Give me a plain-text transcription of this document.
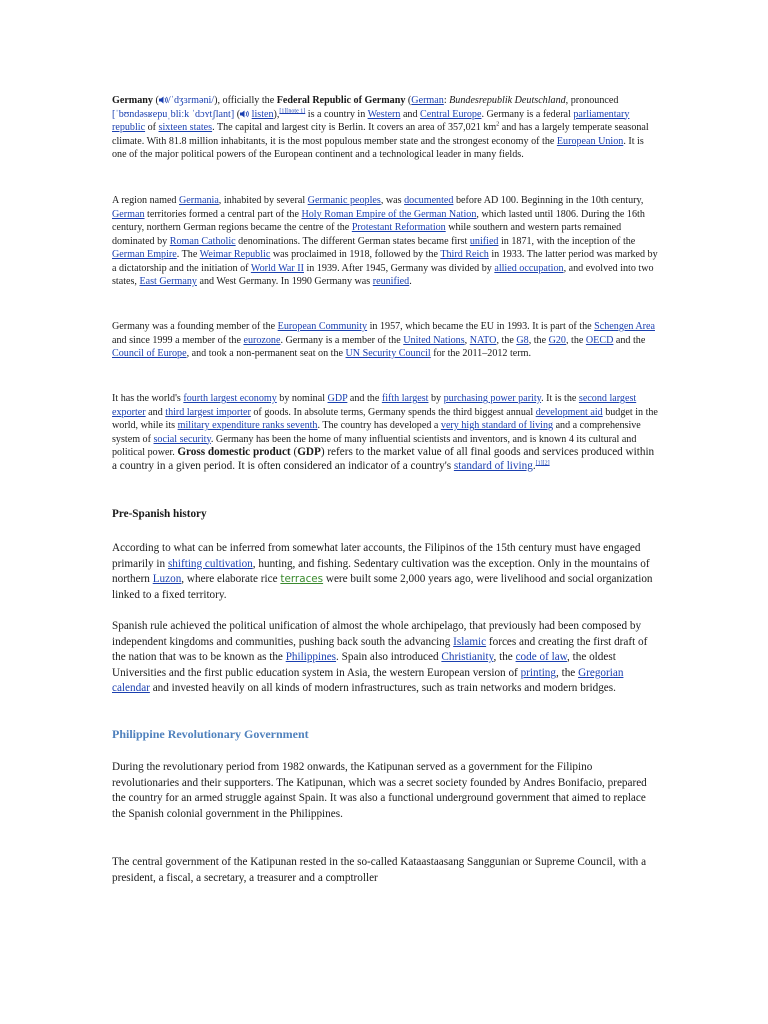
Germany ( /ˈdʒɜrməni/), officially the Federal Republic of Germany (German: Bundesrepublik Deutschland, pronounced [ˈbʊndəsʁepuˌbliːk ˈdɔʏtʃlant] ( listen),[1][note 1] is a country in Western and Central Europe. Germany is a federal parliamentary republic of sixteen states. The capital and largest city is Berlin. It covers an area of 357,021 $km^2$ and has a largely temperate seasonal climate. With 81.8 million inhabitants, it is the most populous member state and the strongest economy of the European Union. It is one of the major political powers of the European continent and a technological leader in many fields.

A region named Germania, inhabited by several Germanic peoples, was documented before AD 100. Beginning in the 10th century, German territories formed a central part of the Holy Roman Empire of the German Nation, which lasted until 1806. During the 16th century, northern German regions became the centre of the Protestant Reformation while southern and western parts remained dominated by Roman Catholic denominations. The different German states became first unified in 1871, with the inception of the German Empire. The Weimar Republic was proclaimed in 1918, followed by the Third Reich in 1933. The latter period was marked by a dictatorship and the initiation of World War II in 1939. After 1945, Germany was divided by allied occupation, and evolved into two states, East Germany and West Germany. In 1990 Germany was reunified.

Germany was a founding member of the European Community in 1957, which became the EU in 1993. It is part of the Schengen Area and since 1999 a member of the eurozone. Germany is a member of the United Nations, NATO, the G8, the G20, the OECD and the Council of Europe, and took a non-permanent seat on the UN Security Council for the 2011–2012 term.

It has the world's fourth largest economy by nominal GDP and the fifth largest by purchasing power parity. It is the second largest exporter and third largest importer of goods. In absolute terms, Germany spends the third biggest annual development aid budget in the world, while its military expenditure ranks seventh. The country has developed a very high standard of living and a comprehensive system of social security. Germany has been the home of many influential scientists and inventors, and is known 4 its cultural and political power. Gross domestic product (GDP) refers to the market value of all final goods and services produced within a country in a given period. It is often considered an indicator of a country's standard of living.[1][2]

Pre-Spanish history

According to what can be inferred from somewhat later accounts, the Filipinos of the 15th century must have engaged primarily in shifting cultivation, hunting, and fishing. Sedentary cultivation was the exception. Only in the mountains of northern Luzon, where elaborate rice terraces were built some 2,000 years ago, were livelihood and social organization linked to a fixed territory.

Spanish rule achieved the political unification of almost the whole archipelago, that previously had been composed by independent kingdoms and communities, pushing back south the advancing Islamic forces and creating the first draft of the nation that was to be known as the Philippines. Spain also introduced Christianity, the code of law, the oldest Universities and the first public education system in Asia, the western European version of printing, the Gregorian calendar and invested heavily on all kinds of modern infrastructures, such as train networks and modern bridges.

Philippine Revolutionary Government

During the revolutionary period from 1982 onwards, the Katipunan served as a government for the Filipino revolutionaries and their supporters. The Katipunan, which was a secret society founded by Andres Bonifacio, prepared the country for an armed struggle against Spain. It was also a functional underground government that aimed to replace the Spanish colonial government in the Philippines.

The central government of the Katipunan rested in the so-called Kataastaasang Sanggunian or Supreme Council, with a president, a fiscal, a secretary, a treasurer and a comptroller
